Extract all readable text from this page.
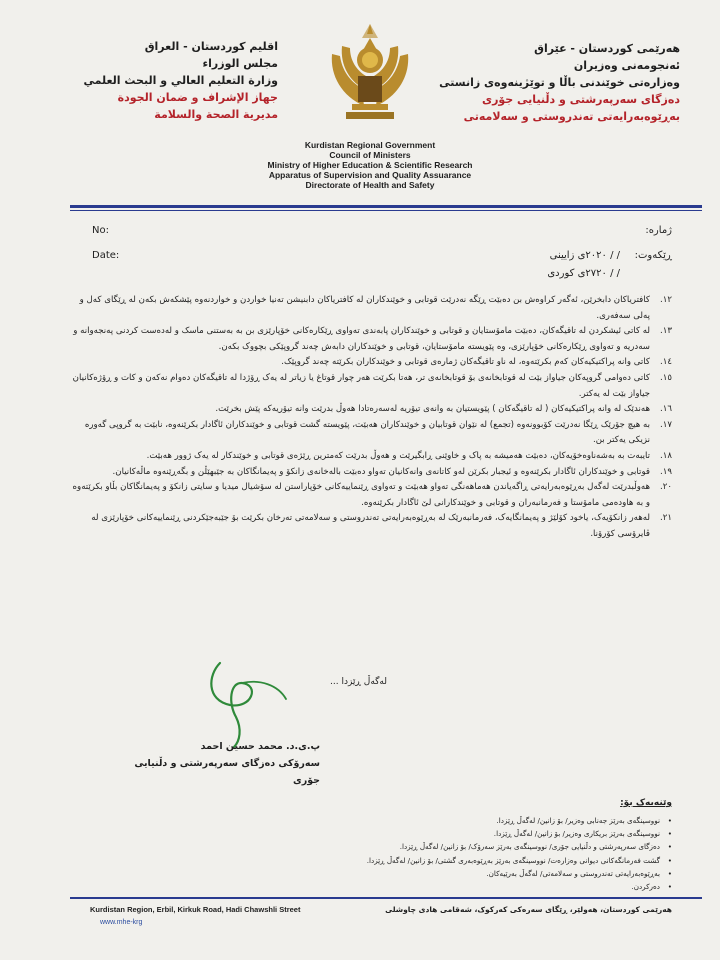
هەرێمی کوردستان - عێراق
ئەنجومەنی وەزیران
وەزارەتی خوێندنی باڵا و توێژینەوەی زانستی
دەزگای سەرپەرشتی و دڵنیایی جۆری
بەڕێوەبەرایەتی تەندروستی و سەلامەتی
اقليم كوردستان - العراق
مجلس الوزراء
وزارة التعليم العالي و البحث العلمي
جهاز الإشراف و ضمان الجودة
مديرية الصحة والسلامة
Kurdistan Regional Government
Council of Ministers
Ministry of Higher Education & Scientific Research
Apparatus of Supervision and Quality Assuarance
Directorate of Health and Safety
No:
Date:
ژمارە:
ڕێکەوت:
/ / ٢٠٢٠ی زایینی
/ / ٢٧٢٠ی کوردی
١٢.
کافتریاکان دابخرێن، ئەگەر کراوەش بن دەبێت ڕێگە نەدرێت قوتابی و خوێندکاران لە کافتریاکان دابنیشن تەنیا خواردن و خواردنەوە پێشکەش بکەن لە ڕێگای کەل و پەلی سەفەری.
١٣.
لە کاتی ئیشکردن لە تاقیگەکان، دەبێت مامۆستایان و قوتابی و خوێندکاران پابەندی تەواوی ڕێکارەکانی خۆپارێزی بن بە بەستنی ماسک و لەدەست کردنی پەنجەوانە و سەدریە و تەواوی ڕێکارەکانی خۆپارێزی، وە پێویستە مامۆستایان، قوتابی و خوێندکاران دابەش چەند گروپێکی بچووک بکەن.
١٤.
کاتی وانە پراکتیکیەکان کەم بکرێتەوە، لە ناو تاقیگەکان ژمارەی قوتابی و خوێندکاران بکرێتە چەند گروپێک.
١٥.
کاتی دەوامی گروپەکان جیاواز بێت لە قوتابخانەی بۆ قوتابخانەی تر، هەتا بکرێت هەر چوار قوتاغ یا زیاتر لە یەک ڕۆژدا لە تاقیگەکان دەوام نەکەن و کات و ڕۆژەکانیان جیاواز بێت لە یەکتر.
١٦.
هەندێک لە وانە پراکتیکیەکان ( لە تاقیگەکان ) پێویستیان بە وانەی تیۆریە لەسەرەتادا هەوڵ بدرێت وانە تیۆریەکە پێش بخرێت.
١٧.
بە هیچ جۆرێک ڕێگا نەدرێت کۆبوونەوە (تجمع) لە نێوان قوتابیان و خوێندکاران هەبێت، پێویستە گشت قوتابی و خوێندکاران ئاگادار بکرێنەوە، نابێت بە گروپی گەورە نزیکی یەکتر بن.
١٨.
تایبەت بە بەشەناوەخۆیەکان، دەبێت هەمیشە بە پاک و خاوێنی ڕابگیرێت و هەوڵ بدرێت کەمترین ڕێژەی قوتابی و خوێندکار لە یەک ژوور هەبێت.
١٩.
قوتابی و خوێندکاران ئاگادار بکرێنەوە و ئیجبار بکرێن لەو کاتانەی وانەکانیان تەواو دەبێت بالەخانەی زانکۆ و پەیمانگاکان بە جێبهێڵن و بگەڕێنەوە ماڵەکانیان.
٢٠.
هەوڵبدرێت لەگەل بەڕێوەبەرایەتی ڕاگەیاندن هەماهەنگی تەواو هەبێت و تەواوی ڕێنماییەکانی خۆپاراستن لە سۆشیال میدیا و سایتی زانکۆ و پەیمانگاکان بڵاو بکرێتەوە و بە هاودەمی مامۆستا و فەرمانبەران و قوتابی و خوێندکارانی لێ ئاگادار بکرێنەوە.
٢١.
لەهەر زانکۆیەک، یاخود کۆلێژ و پەیمانگایەک، فەرمانبەرێک لە بەڕێوەبەرایەتی تەندروستی و سەلامەتی تەرخان بکرێت بۆ جێبەجێکردنی ڕێنماییەکانی خۆپارێزی لە ڤایرۆسی کۆرۆنا.
لەگەڵ ڕێزدا ...
پ.ی.د. محمد حسين احمد
سەرۆکی دەزگای سەرپەرشتی و دڵنیایی جۆری
وێنەیەک بۆ:
• نووسینگەی بەرێز جەنابی وەزیر/ بۆ زانین/ لەگەڵ ڕێزدا.
• نووسینگەی بەرێز بریکاری وەزیر/ بۆ زانین/ لەگەڵ ڕێزدا.
• دەزگای سەرپەرشتی و دڵنیایی جۆری/ نووسینگەی بەرێز سەرۆک/ بۆ زانین/ لەگەڵ ڕێزدا.
• گشت فەرمانگەکانی دیوانی وەزارەت/ نووسینگەی بەرێز بەڕێوەبەری گشتی/ بۆ زانین/ لەگەڵ ڕێزدا.
• بەڕێوەبەرایەتی تەندروستی و سەلامەتی/ لەگەڵ بەرێیەکان.
• دەرکردن.
Kurdistan Region, Erbil, Kirkuk Road, Hadi Chawshli Street
www.mhe-krg
هەرێمی کوردستان، هەولێر، ڕێگای سەرەکی کەرکوک، شەقامی هادی چاوشلی
